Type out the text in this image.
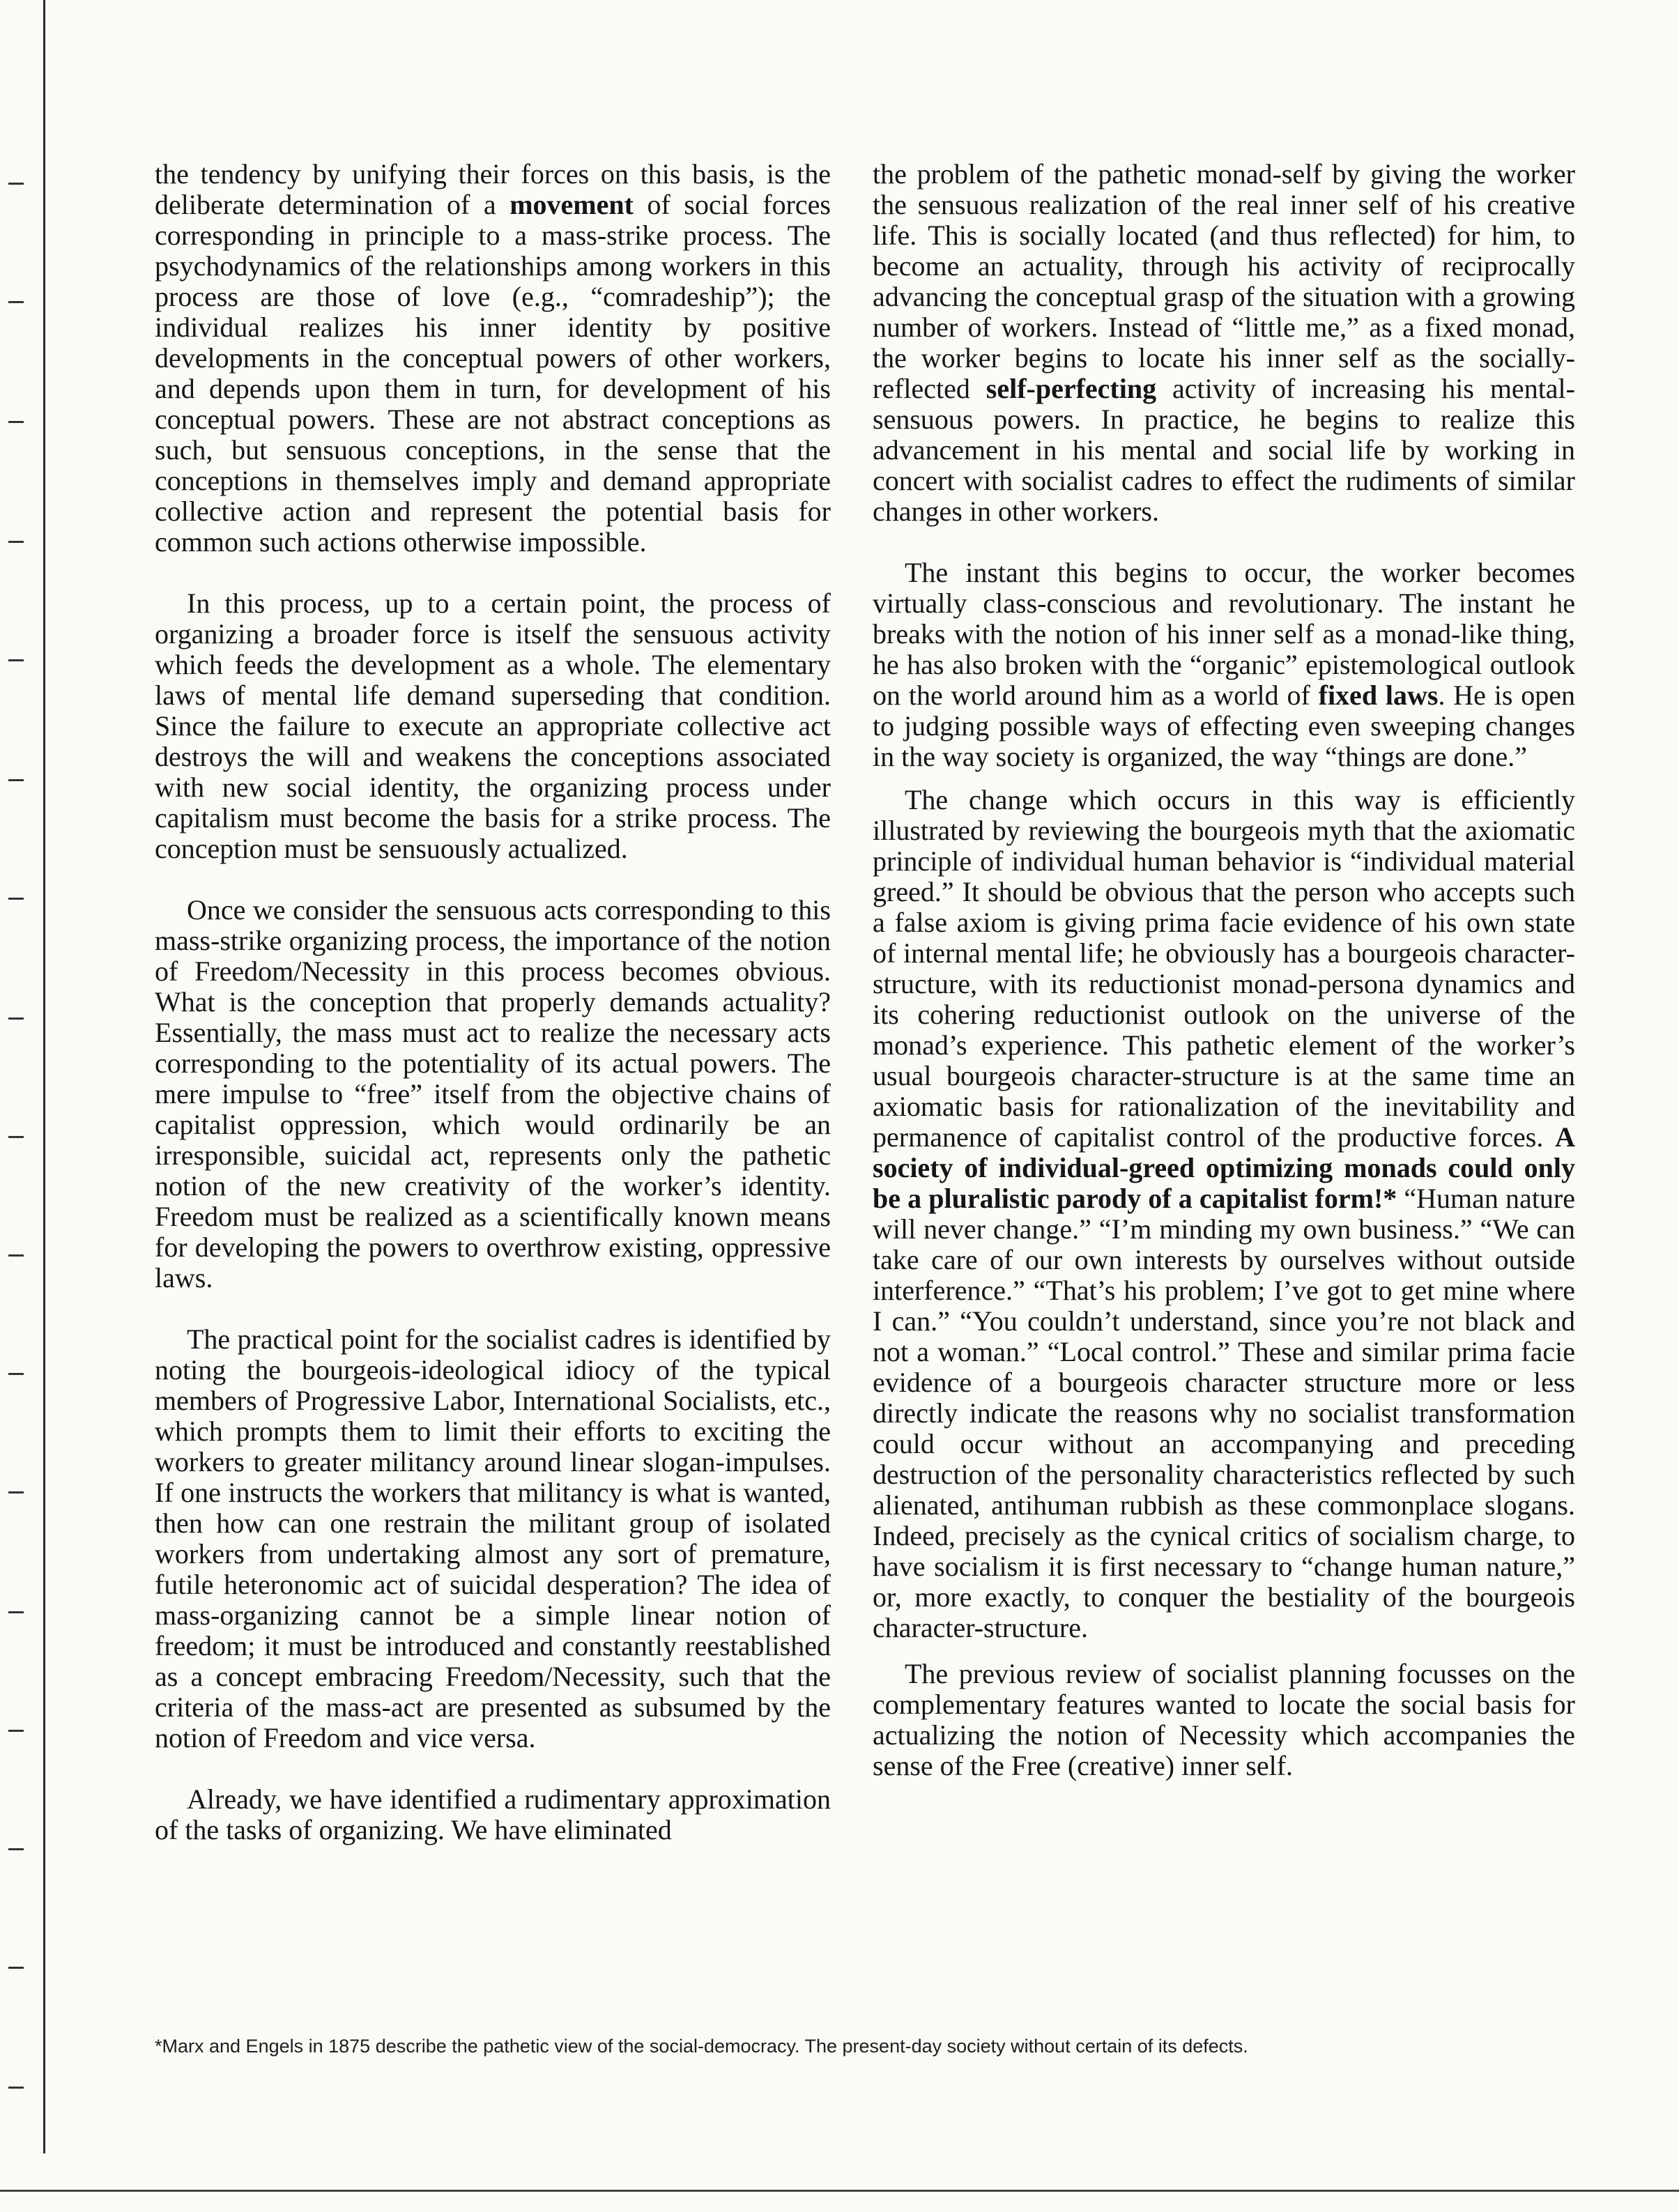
the tendency by unifying their forces on this basis, is the deliberate determination of a movement of social forces corresponding in principle to a mass-strike process. The psychodynamics of the relationships among workers in this process are those of love (e.g., “comradeship”); the individual realizes his inner identity by positive developments in the conceptual powers of other workers, and depends upon them in turn, for development of his conceptual powers. These are not abstract conceptions as such, but sensuous conceptions, in the sense that the conceptions in themselves imply and demand appropriate collective action and represent the potential basis for common such actions otherwise impossible.

In this process, up to a certain point, the process of organizing a broader force is itself the sensuous activity which feeds the development as a whole. The elementary laws of mental life demand superseding that condition. Since the failure to execute an appropriate collective act destroys the will and weakens the conceptions associated with new social identity, the organizing process under capitalism must become the basis for a strike process. The conception must be sensuously actualized.

Once we consider the sensuous acts corresponding to this mass-strike organizing process, the importance of the notion of Freedom/Necessity in this process becomes obvious. What is the conception that properly demands actuality? Essentially, the mass must act to realize the necessary acts corresponding to the potentiality of its actual powers. The mere impulse to “free” itself from the objective chains of capitalist oppression, which would ordinarily be an irresponsible, suicidal act, represents only the pathetic notion of the new creativity of the worker’s identity. Freedom must be realized as a scientifically known means for developing the powers to overthrow existing, oppressive laws.

The practical point for the socialist cadres is identified by noting the bourgeois-ideological idiocy of the typical members of Progressive Labor, International Socialists, etc., which prompts them to limit their efforts to exciting the workers to greater militancy around linear slogan-impulses. If one instructs the workers that militancy is what is wanted, then how can one restrain the militant group of isolated workers from undertaking almost any sort of premature, futile heteronomic act of suicidal desperation? The idea of mass-organizing cannot be a simple linear notion of freedom; it must be introduced and constantly reestablished as a concept embracing Freedom/Necessity, such that the criteria of the mass-act are presented as subsumed by the notion of Freedom and vice versa.

Already, we have identified a rudimentary approximation of the tasks of organizing. We have eliminated

the problem of the pathetic monad-self by giving the worker the sensuous realization of the real inner self of his creative life. This is socially located (and thus reflected) for him, to become an actuality, through his activity of reciprocally advancing the conceptual grasp of the situation with a growing number of workers. Instead of “little me,” as a fixed monad, the worker begins to locate his inner self as the socially-reflected self-perfecting activity of increasing his mental-sensuous powers. In practice, he begins to realize this advancement in his mental and social life by working in concert with socialist cadres to effect the rudiments of similar changes in other workers.

The instant this begins to occur, the worker becomes virtually class-conscious and revolutionary. The instant he breaks with the notion of his inner self as a monad-like thing, he has also broken with the “organic” epistemological outlook on the world around him as a world of fixed laws. He is open to judging possible ways of effecting even sweeping changes in the way society is organized, the way “things are done.”

The change which occurs in this way is efficiently illustrated by reviewing the bourgeois myth that the axiomatic principle of individual human behavior is “individual material greed.” It should be obvious that the person who accepts such a false axiom is giving prima facie evidence of his own state of internal mental life; he obviously has a bourgeois character-structure, with its reductionist monad-persona dynamics and its cohering reductionist outlook on the universe of the monad’s experience. This pathetic element of the worker’s usual bourgeois character-structure is at the same time an axiomatic basis for rationalization of the inevitability and permanence of capitalist control of the productive forces. A society of individual-greed optimizing monads could only be a pluralistic parody of a capitalist form!* “Human nature will never change.” “I’m minding my own business.” “We can take care of our own interests by ourselves without outside interference.” “That’s his problem; I’ve got to get mine where I can.” “You couldn’t understand, since you’re not black and not a woman.” “Local control.” These and similar prima facie evidence of a bourgeois character structure more or less directly indicate the reasons why no socialist transformation could occur without an accompanying and preceding destruction of the personality characteristics reflected by such alienated, antihuman rubbish as these commonplace slogans. Indeed, precisely as the cynical critics of socialism charge, to have socialism it is first necessary to “change human nature,” or, more exactly, to conquer the bestiality of the bourgeois character-structure.

The previous review of socialist planning focusses on the complementary features wanted to locate the social basis for actualizing the notion of Necessity which accompanies the sense of the Free (creative) inner self.

*Marx and Engels in 1875 describe the pathetic view of the social-democracy. The present-day society without certain of its defects.
